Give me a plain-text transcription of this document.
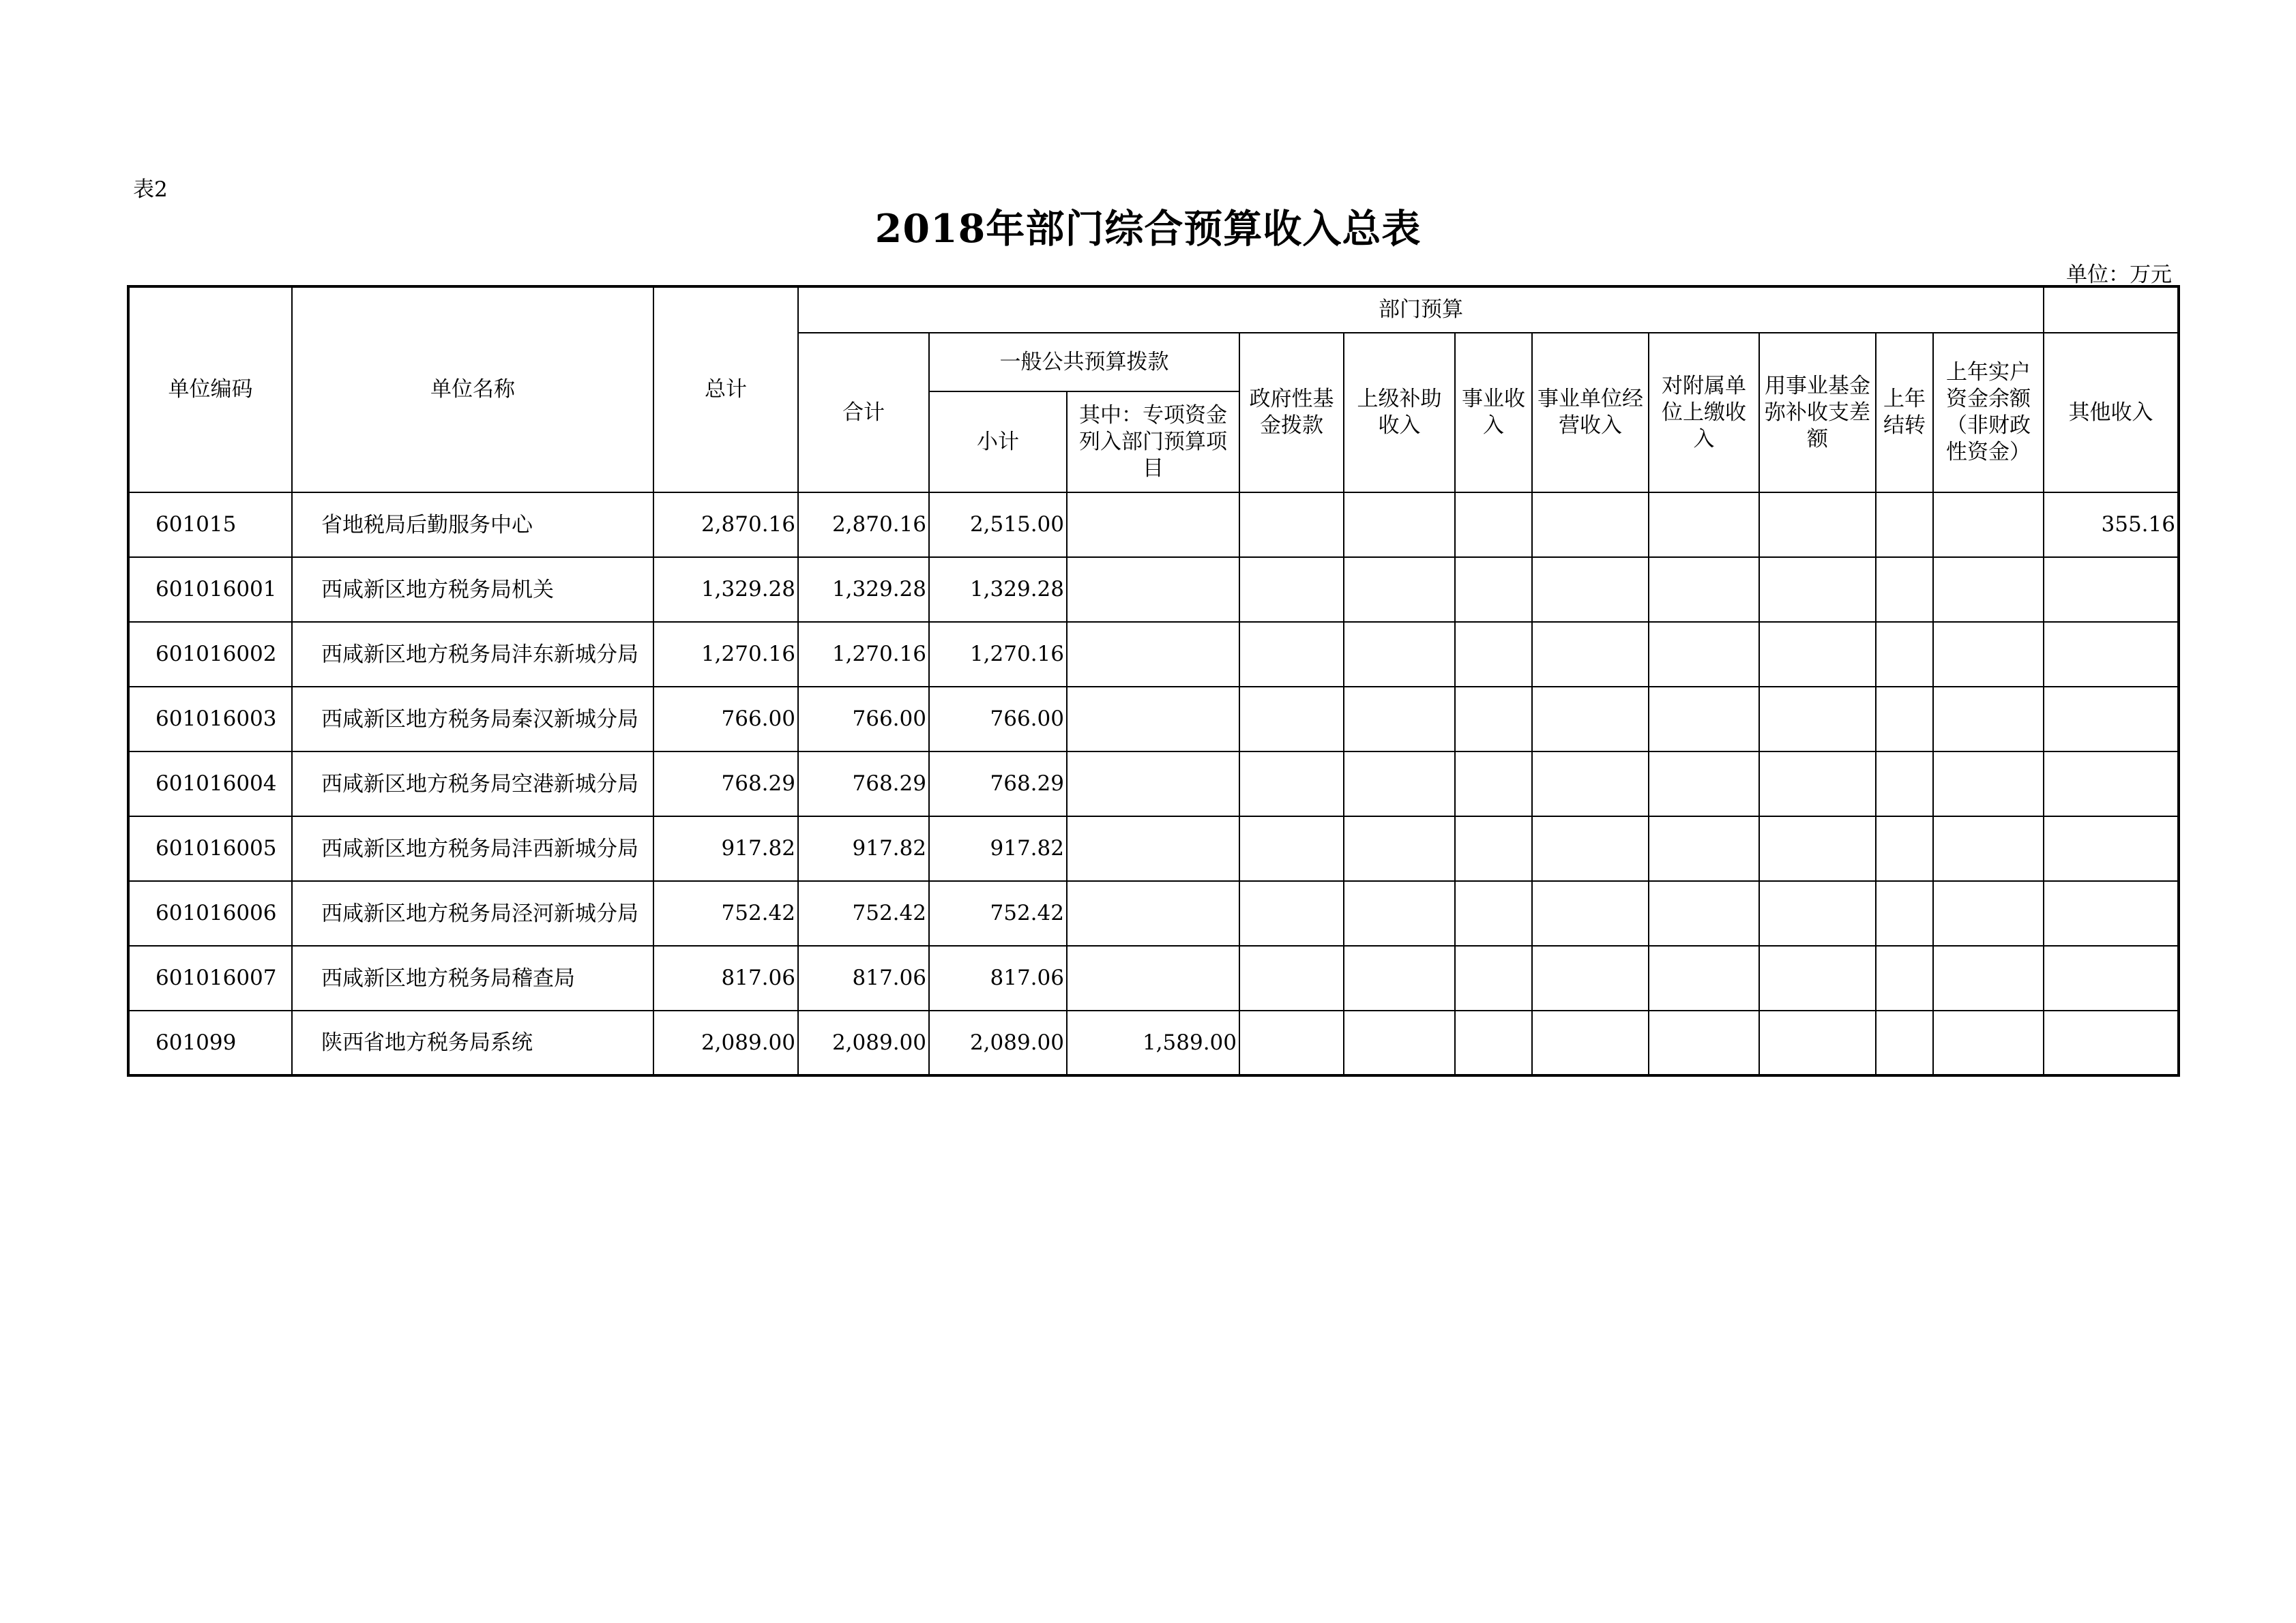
表2
2018年部门综合预算收入总表
单位：万元
单位编码	单位名称	总计	部门预算											
			合计	一般公共预算拨款		政府性基金拨款	上级补助收入	事业收入	事业单位经营收入	对附属单位上缴收入	用事业基金弥补收支差额	上年结转	上年实户资金余额（非财政性资金）	其他收入
				小计	其中：专项资金列入部门预算项目									
601015	省地税局后勤服务中心	2,870.16	2,870.16	2,515.00										355.16
601016001	西咸新区地方税务局机关	1,329.28	1,329.28	1,329.28										
601016002	西咸新区地方税务局沣东新城分局	1,270.16	1,270.16	1,270.16										
601016003	西咸新区地方税务局秦汉新城分局	766.00	766.00	766.00										
601016004	西咸新区地方税务局空港新城分局	768.29	768.29	768.29										
601016005	西咸新区地方税务局沣西新城分局	917.82	917.82	917.82										
601016006	西咸新区地方税务局泾河新城分局	752.42	752.42	752.42										
601016007	西咸新区地方税务局稽查局	817.06	817.06	817.06										
601099	陕西省地方税务局系统	2,089.00	2,089.00	2,089.00	1,589.00									
